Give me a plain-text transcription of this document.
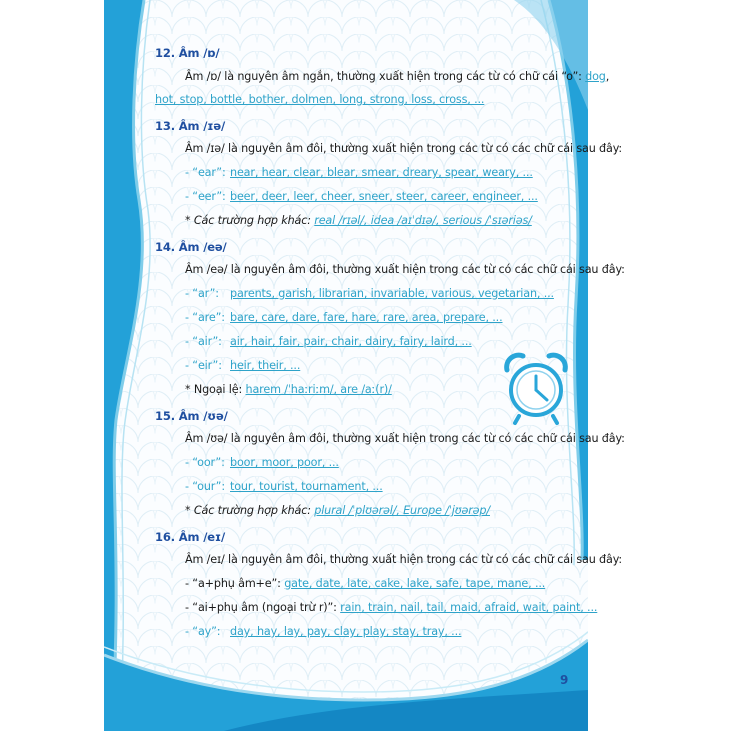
12. Âm /ɒ/
Âm /ɒ/ là nguyên âm ngắn, thường xuất hiện trong các từ có chữ cái “o”: dog,
hot, stop, bottle, bother, dolmen, long, strong, loss, cross, ...
13. Âm /ɪə/
Âm /ɪə/ là nguyên âm đôi, thường xuất hiện trong các từ có các chữ cái sau đây:
- “ear”: near, hear, clear, blear, smear, dreary, spear, weary, ...
- “eer”: beer, deer, leer, cheer, sneer, steer, career, engineer, ...
* Các trường hợp khác: real /rɪəl/, idea /aɪˈdɪə/, serious /ˈsɪəriəs/
14. Âm /eə/
Âm /eə/ là nguyên âm đôi, thường xuất hiện trong các từ có các chữ cái sau đây:
- “ar”: parents, garish, librarian, invariable, various, vegetarian, ...
- “are”: bare, care, dare, fare, hare, rare, area, prepare, ...
- “air”: air, hair, fair, pair, chair, dairy, fairy, laird, ...
- “eir”: heir, their, ...
* Ngoại lệ: harem /ˈhaːriːm/, are /aː(r)/
15. Âm /ʊə/
Âm /ʊə/ là nguyên âm đôi, thường xuất hiện trong các từ có các chữ cái sau đây:
- “oor”: boor, moor, poor, ...
- “our”: tour, tourist, tournament, ...
* Các trường hợp khác: plural /ˈplʊərəl/, Europe /ˈjʊərəp/
16. Âm /eɪ/
Âm /eɪ/ là nguyên âm đôi, thường xuất hiện trong các từ có các chữ cái sau đây:
- “a+phụ âm+e”: gate, date, late, cake, lake, safe, tape, mane, ...
- “ai+phụ âm (ngoại trừ r)”: rain, train, nail, tail, maid, afraid, wait, paint, ...
- “ay”: day, hay, lay, pay, clay, play, stay, tray, ...
9
